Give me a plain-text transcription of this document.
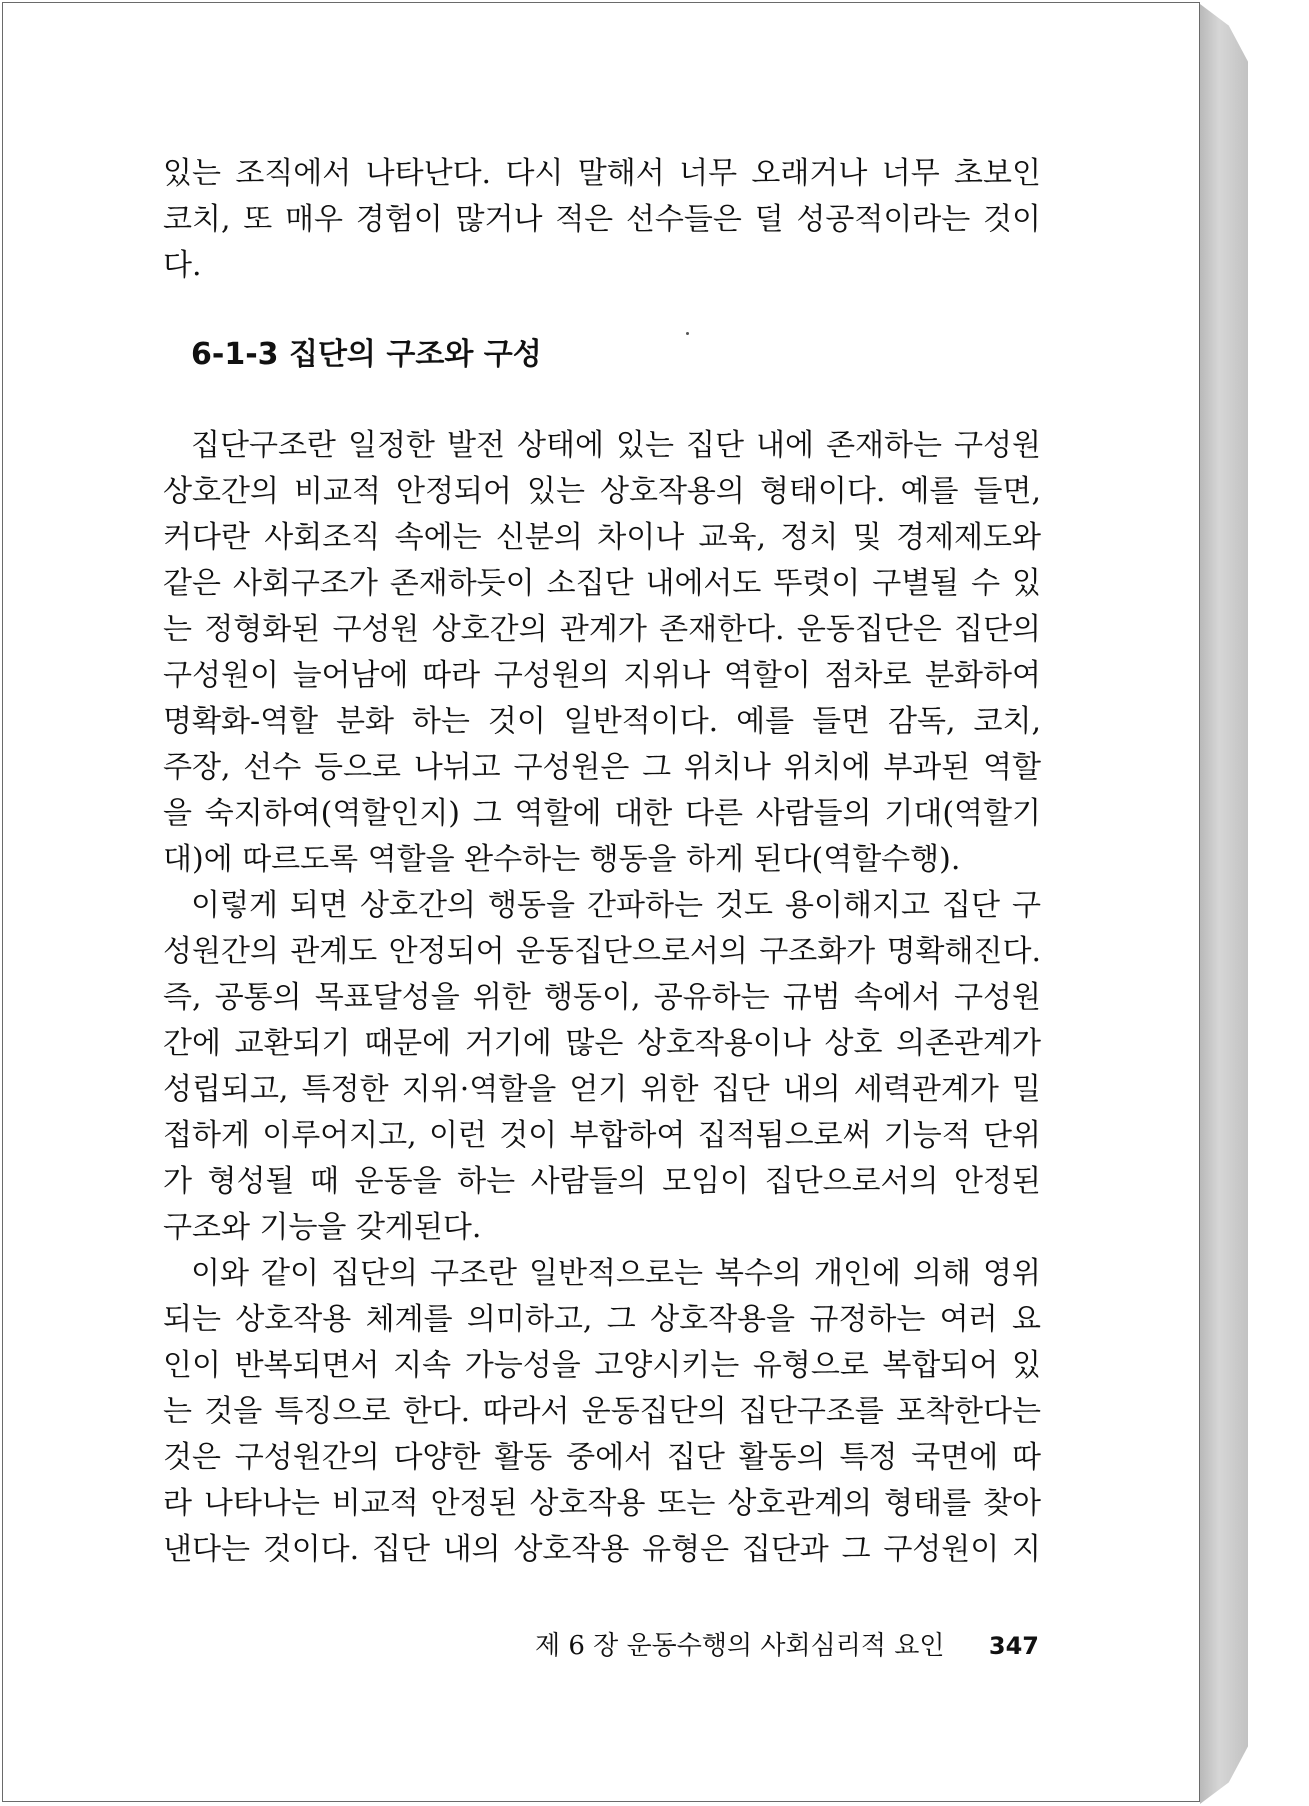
있는 조직에서 나타난다. 다시 말해서 너무 오래거나 너무 초보인
코치, 또 매우 경험이 많거나 적은 선수들은 덜 성공적이라는 것이
다.
6-1-3 집단의 구조와 구성
집단구조란 일정한 발전 상태에 있는 집단 내에 존재하는 구성원
상호간의 비교적 안정되어 있는 상호작용의 형태이다. 예를 들면,
커다란 사회조직 속에는 신분의 차이나 교육, 정치 및 경제제도와
같은 사회구조가 존재하듯이 소집단 내에서도 뚜렷이 구별될 수 있
는 정형화된 구성원 상호간의 관계가 존재한다. 운동집단은 집단의
구성원이 늘어남에 따라 구성원의 지위나 역할이 점차로 분화하여
명확화-역할 분화 하는 것이 일반적이다. 예를 들면 감독, 코치,
주장, 선수 등으로 나뉘고 구성원은 그 위치나 위치에 부과된 역할
을 숙지하여(역할인지) 그 역할에 대한 다른 사람들의 기대(역할기
대)에 따르도록 역할을 완수하는 행동을 하게 된다(역할수행).
이렇게 되면 상호간의 행동을 간파하는 것도 용이해지고 집단 구
성원간의 관계도 안정되어 운동집단으로서의 구조화가 명확해진다.
즉, 공통의 목표달성을 위한 행동이, 공유하는 규범 속에서 구성원
간에 교환되기 때문에 거기에 많은 상호작용이나 상호 의존관계가
성립되고, 특정한 지위·역할을 얻기 위한 집단 내의 세력관계가 밀
접하게 이루어지고, 이런 것이 부합하여 집적됨으로써 기능적 단위
가 형성될 때 운동을 하는 사람들의 모임이 집단으로서의 안정된
구조와 기능을 갖게된다.
이와 같이 집단의 구조란 일반적으로는 복수의 개인에 의해 영위
되는 상호작용 체계를 의미하고, 그 상호작용을 규정하는 여러 요
인이 반복되면서 지속 가능성을 고양시키는 유형으로 복합되어 있
는 것을 특징으로 한다. 따라서 운동집단의 집단구조를 포착한다는
것은 구성원간의 다양한 활동 중에서 집단 활동의 특정 국면에 따
라 나타나는 비교적 안정된 상호작용 또는 상호관계의 형태를 찾아
낸다는 것이다. 집단 내의 상호작용 유형은 집단과 그 구성원이 지
제 6 장 운동수행의 사회심리적 요인 347
